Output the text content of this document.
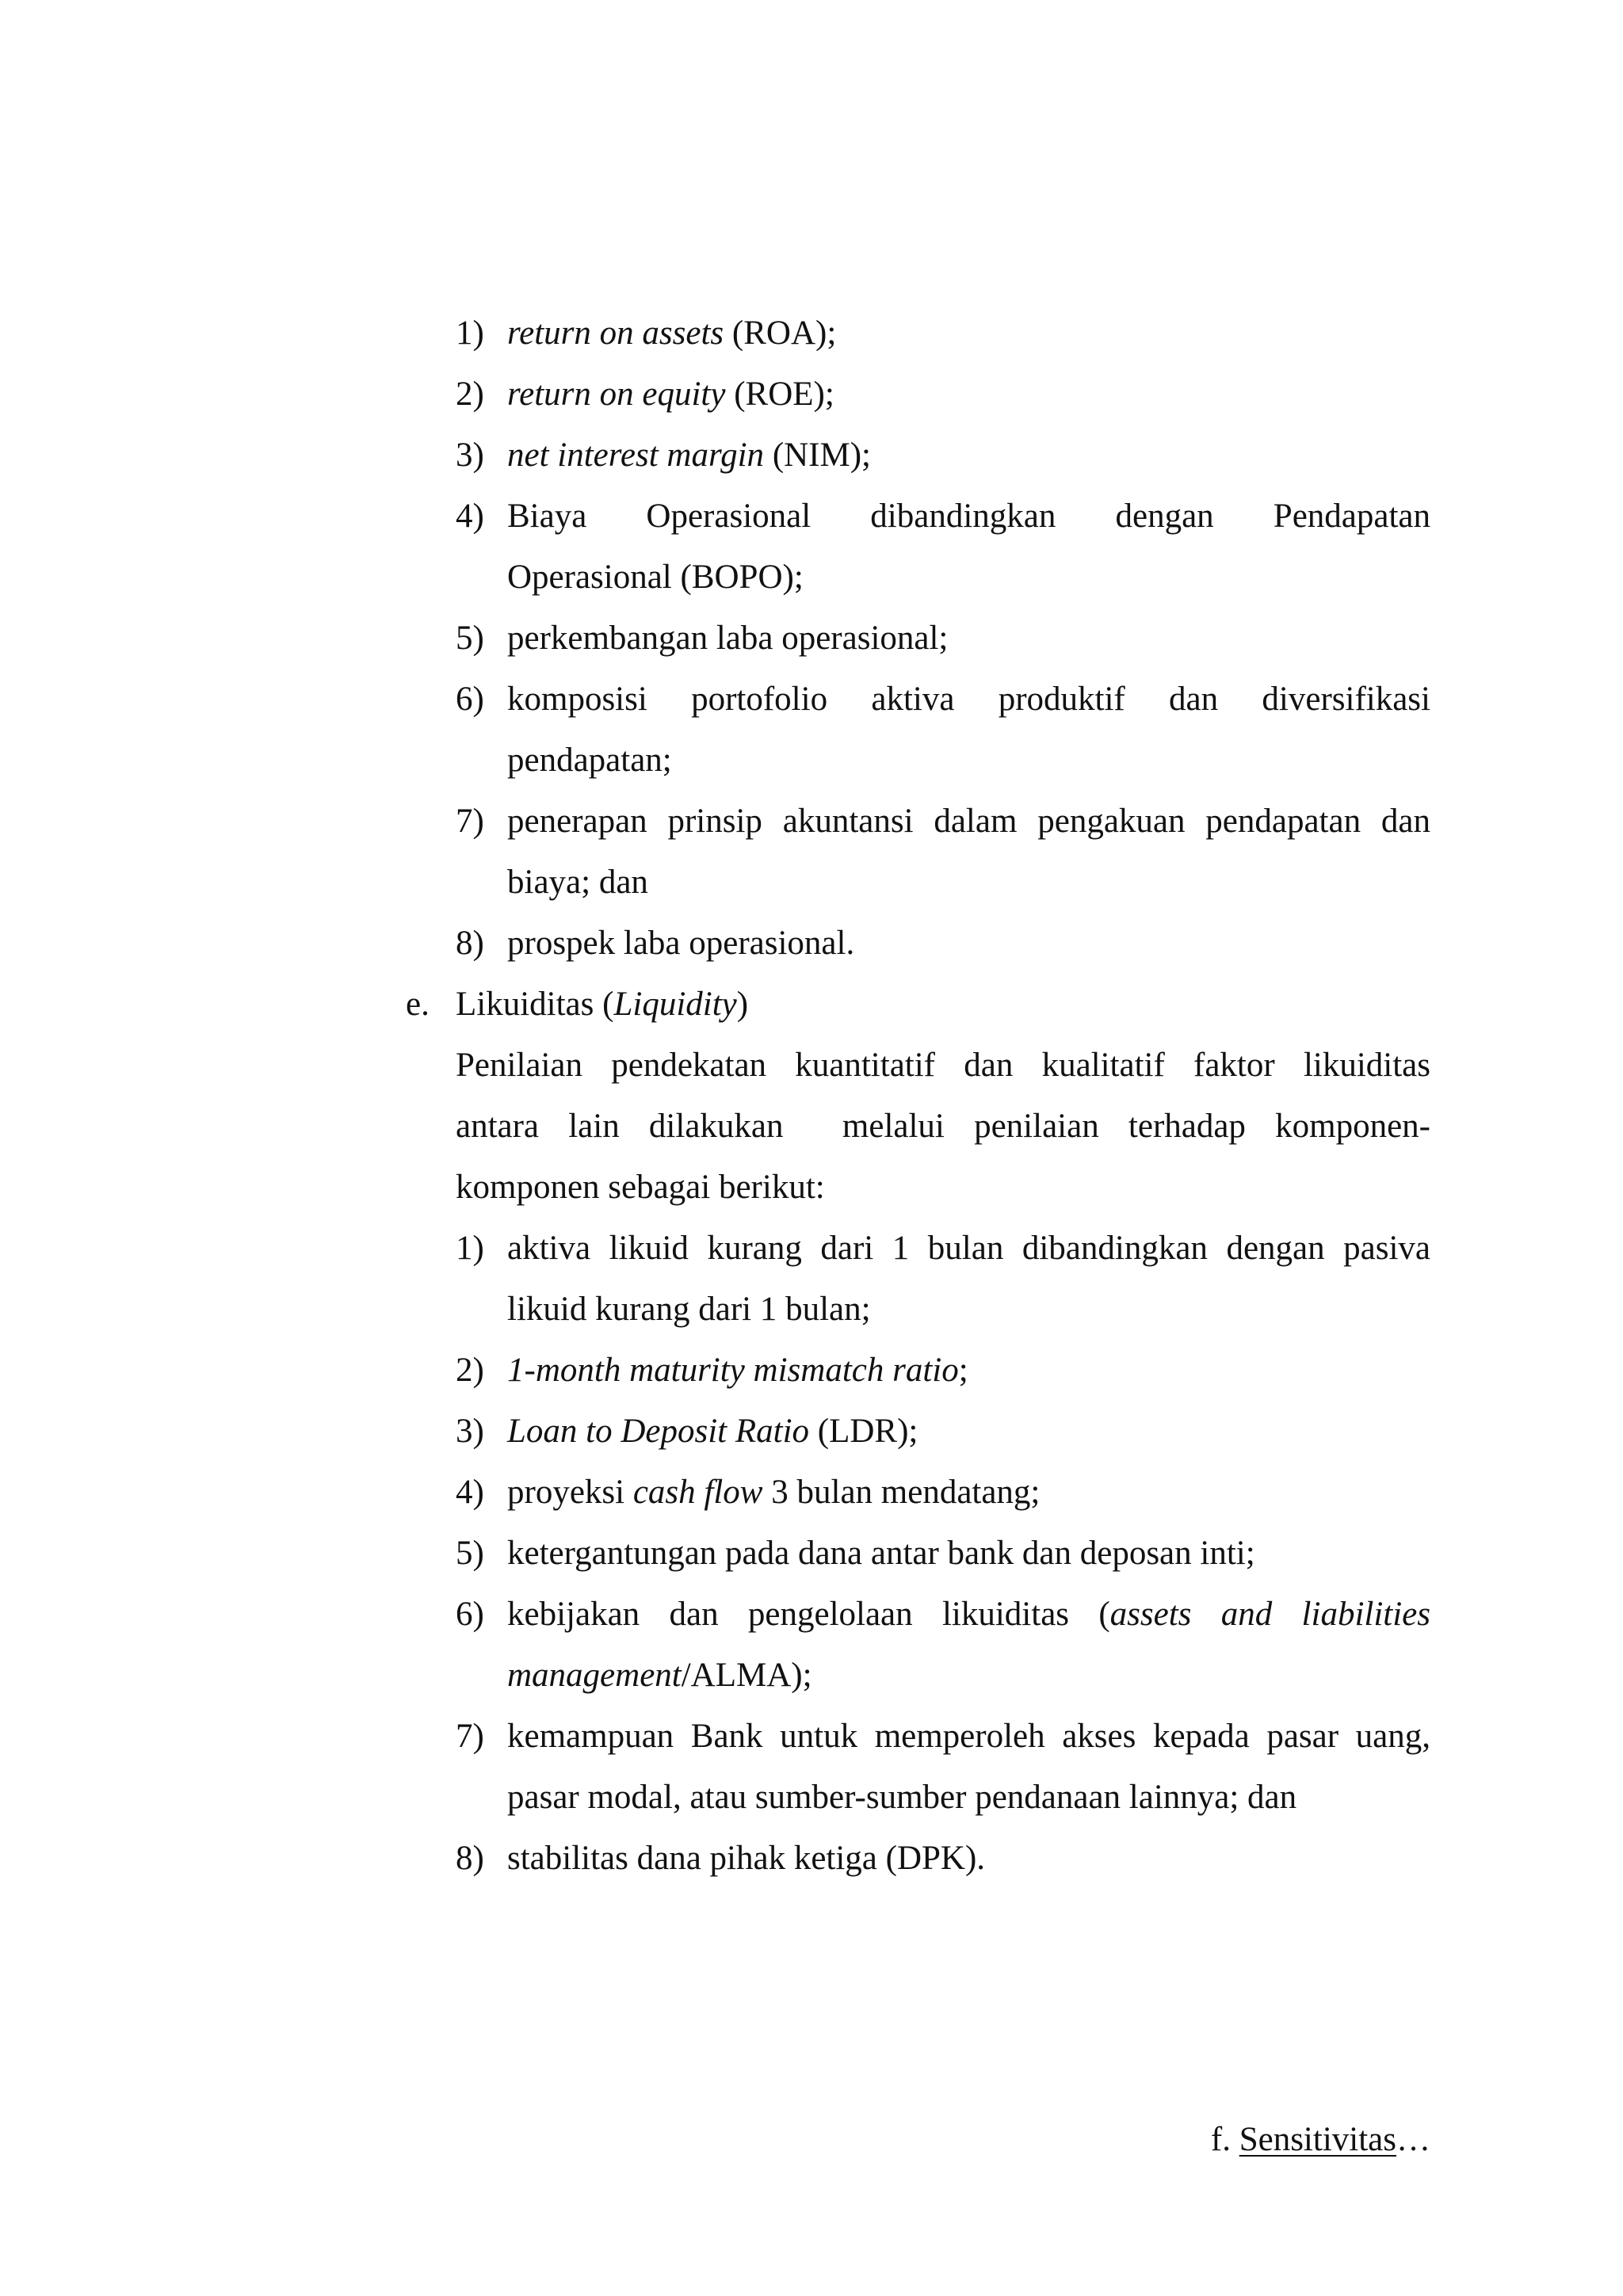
1) return on assets (ROA);
2) return on equity (ROE);
3) net interest margin (NIM);
4) Biaya Operasional dibandingkan dengan Pendapatan
Operasional (BOPO);
5) perkembangan laba operasional;
6) komposisi portofolio aktiva produktif dan diversifikasi
pendapatan;
7) penerapan prinsip akuntansi dalam pengakuan pendapatan dan
biaya; dan
8) prospek laba operasional.
e. Likuiditas (Liquidity)
Penilaian pendekatan kuantitatif dan kualitatif faktor likuiditas
antara lain dilakukan  melalui penilaian terhadap komponen-
komponen sebagai berikut:
1) aktiva likuid kurang dari 1 bulan dibandingkan dengan pasiva
likuid kurang dari 1 bulan;
2) 1-month maturity mismatch ratio;
3) Loan to Deposit Ratio (LDR);
4) proyeksi cash flow 3 bulan mendatang;
5) ketergantungan pada dana antar bank dan deposan inti;
6) kebijakan dan pengelolaan likuiditas (assets and liabilities
management/ALMA);
7) kemampuan Bank untuk memperoleh akses kepada pasar uang,
pasar modal, atau sumber-sumber pendanaan lainnya; dan
8) stabilitas dana pihak ketiga (DPK).
f. Sensitivitas…
